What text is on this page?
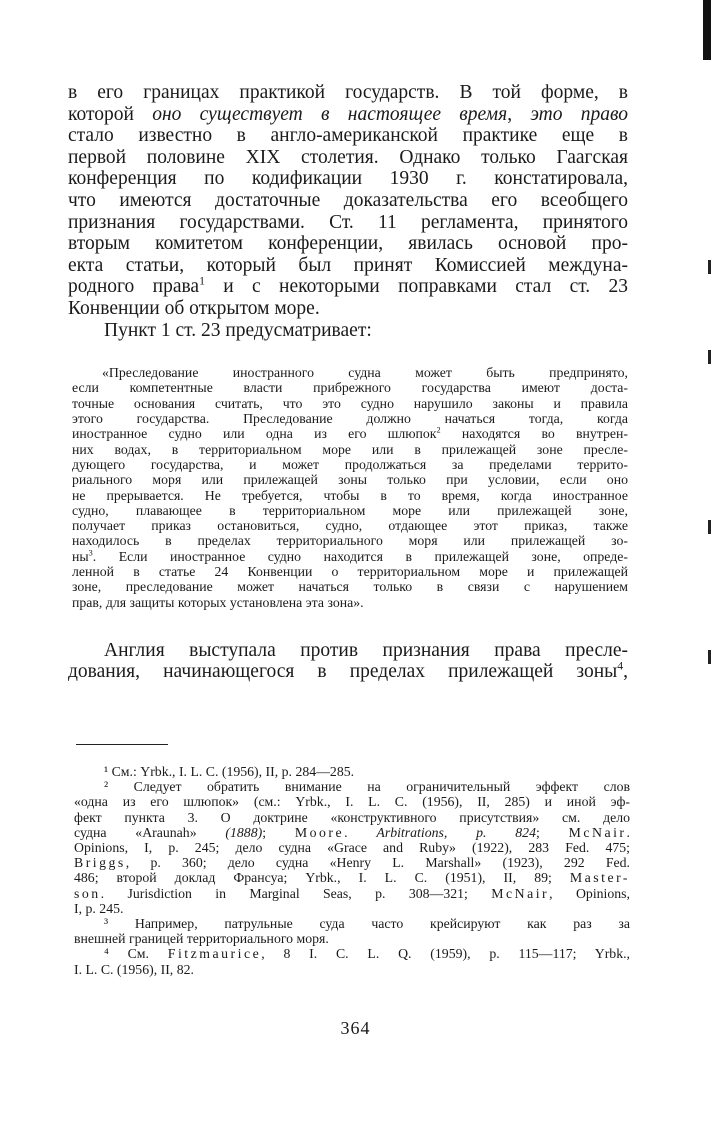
в его границах практикой государств. В той форме, в
которой оно существует в настоящее время, это право
стало известно в англо-американской практике еще в
первой половине XIX столетия. Однако только Гаагская
конференция по кодификации 1930 г. констатировала,
что имеются достаточные доказательства его всеобщего
признания государствами. Ст. 11 регламента, принятого
вторым комитетом конференции, явилась основой про-
екта статьи, который был принят Комиссией междуна-
родного права$^1$ и с некоторыми поправками стал ст. 23
Конвенции об открытом море.
Пункт 1 ст. 23 предусматривает:

«Преследование иностранного судна может быть предпринято,
если компетентные власти прибрежного государства имеют доста-
точные основания считать, что это судно нарушило законы и правила
этого государства. Преследование должно начаться тогда, когда
иностранное судно или одна из его шлюпок$^2$ находятся во внутрен-
них водах, в территориальном море или в прилежащей зоне пресле-
дующего государства, и может продолжаться за пределами террито-
риального моря или прилежащей зоны только при условии, если оно
не прерывается. Не требуется, чтобы в то время, когда иностранное
судно, плавающее в территориальном море или прилежащей зоне,
получает приказ остановиться, судно, отдающее этот приказ, также
находилось в пределах территориального моря или прилежащей зо-
$ны^3$. Если иностранное судно находится в прилежащей зоне, опреде-
ленной в статье 24 Конвенции о территориальном море и прилежащей
зоне, преследование может начаться только в связи с нарушением
прав, для защиты которых установлена эта зона».

Англия выступала против признания права пресле-
дования, начинающегося в пределах прилежащей зоны$^4$,

¹ См.: Yrbk., I. L. C. (1956), II, p. 284—285.
² Следует обратить внимание на ограничительный эффект слов
«одна из его шлюпок» (см.: Yrbk., I. L. C. (1956), II, 285) и иной эф-
фект пункта 3. О доктрине «конструктивного присутствия» см. дело
судна «Araunah» (1888); Moore. Arbitrations, p. 824; McNair.
Opinions, I, p. 245; дело судна «Grace and Ruby» (1922), 283 Fed. 475;
Briggs, p. 360; дело судна «Henry L. Marshall» (1923), 292 Fed.
486; второй доклад Франсуа; Yrbk., I. L. C. (1951), II, 89; Master-
son. Jurisdiction in Marginal Seas, p. 308—321; McNair, Opinions,
I, p. 245.
³ Например, патрульные суда часто крейсируют как раз за
внешней границей территориального моря.
⁴ См. Fitzmaurice, 8 I. C. L. Q. (1959), p. 115—117; Yrbk.,
I. L. C. (1956), II, 82.
364
